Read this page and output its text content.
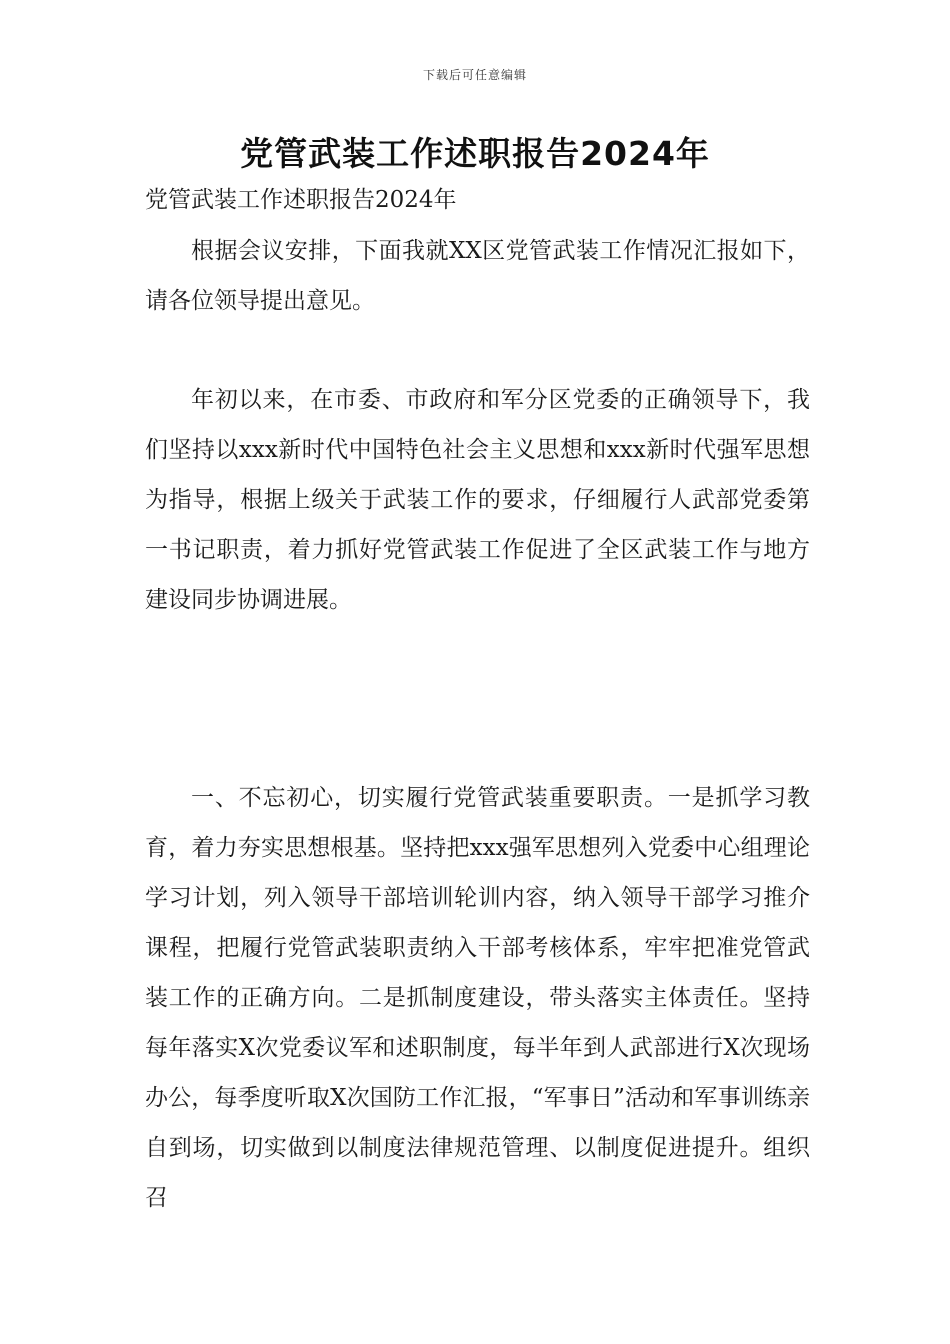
下载后可任意编辑
党管武装工作述职报告2024年
党管武装工作述职报告2024年

根据会议安排，下面我就XX区党管武装工作情况汇报如下，请各位领导提出意见。

年初以来，在市委、市政府和军分区党委的正确领导下，我们坚持以xxx新时代中国特色社会主义思想和xxx新时代强军思想为指导，根据上级关于武装工作的要求，仔细履行人武部党委第一书记职责，着力抓好党管武装工作促进了全区武装工作与地方建设同步协调进展。

一、不忘初心，切实履行党管武装重要职责。一是抓学习教育，着力夯实思想根基。坚持把xxx强军思想列入党委中心组理论学习计划，列入领导干部培训轮训内容，纳入领导干部学习推介课程，把履行党管武装职责纳入干部考核体系，牢牢把准党管武装工作的正确方向。二是抓制度建设，带头落实主体责任。坚持每年落实X次党委议军和述职制度，每半年到人武部进行X次现场办公，每季度听取X次国防工作汇报，“军事日”活动和军事训练亲自到场，切实做到以制度法律规范管理、以制度促进提升。组织召
